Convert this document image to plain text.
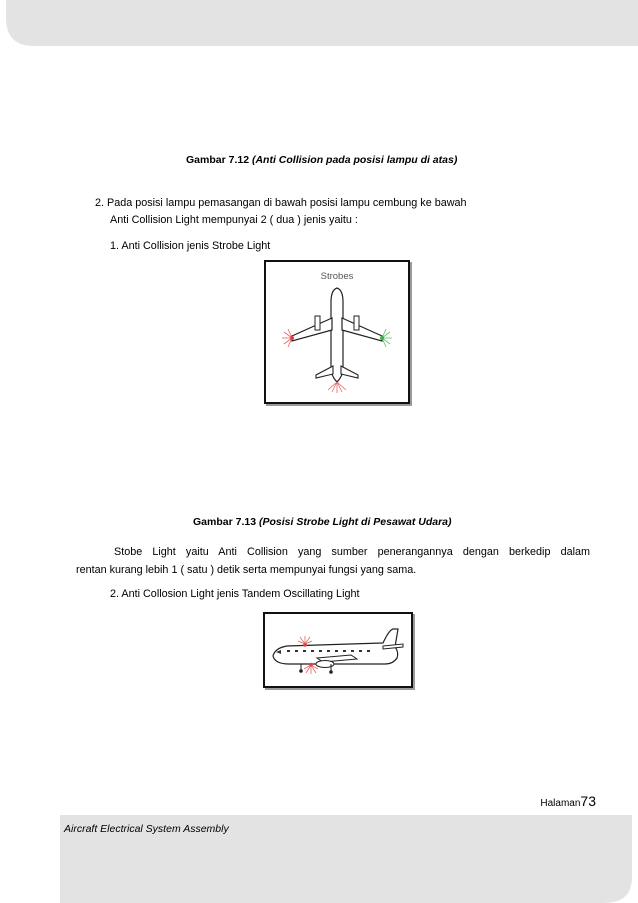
Gambar 7.12 (Anti Collision pada posisi lampu di atas)
2. Pada posisi lampu pemasangan di bawah posisi lampu cembung ke bawah
Anti Collision Light mempunyai 2 ( dua ) jenis yaitu :
1. Anti Collision jenis Strobe Light
Strobes
Gambar 7.13 (Posisi Strobe Light di Pesawat Udara)
Stobe Light yaitu Anti Collision yang sumber penerangannya dengan berkedip dalam
rentan kurang lebih 1 ( satu ) detik serta mempunyai fungsi yang sama.
2. Anti Collosion Light jenis Tandem Oscillating Light
Halaman73
Aircraft Electrical System Assembly
